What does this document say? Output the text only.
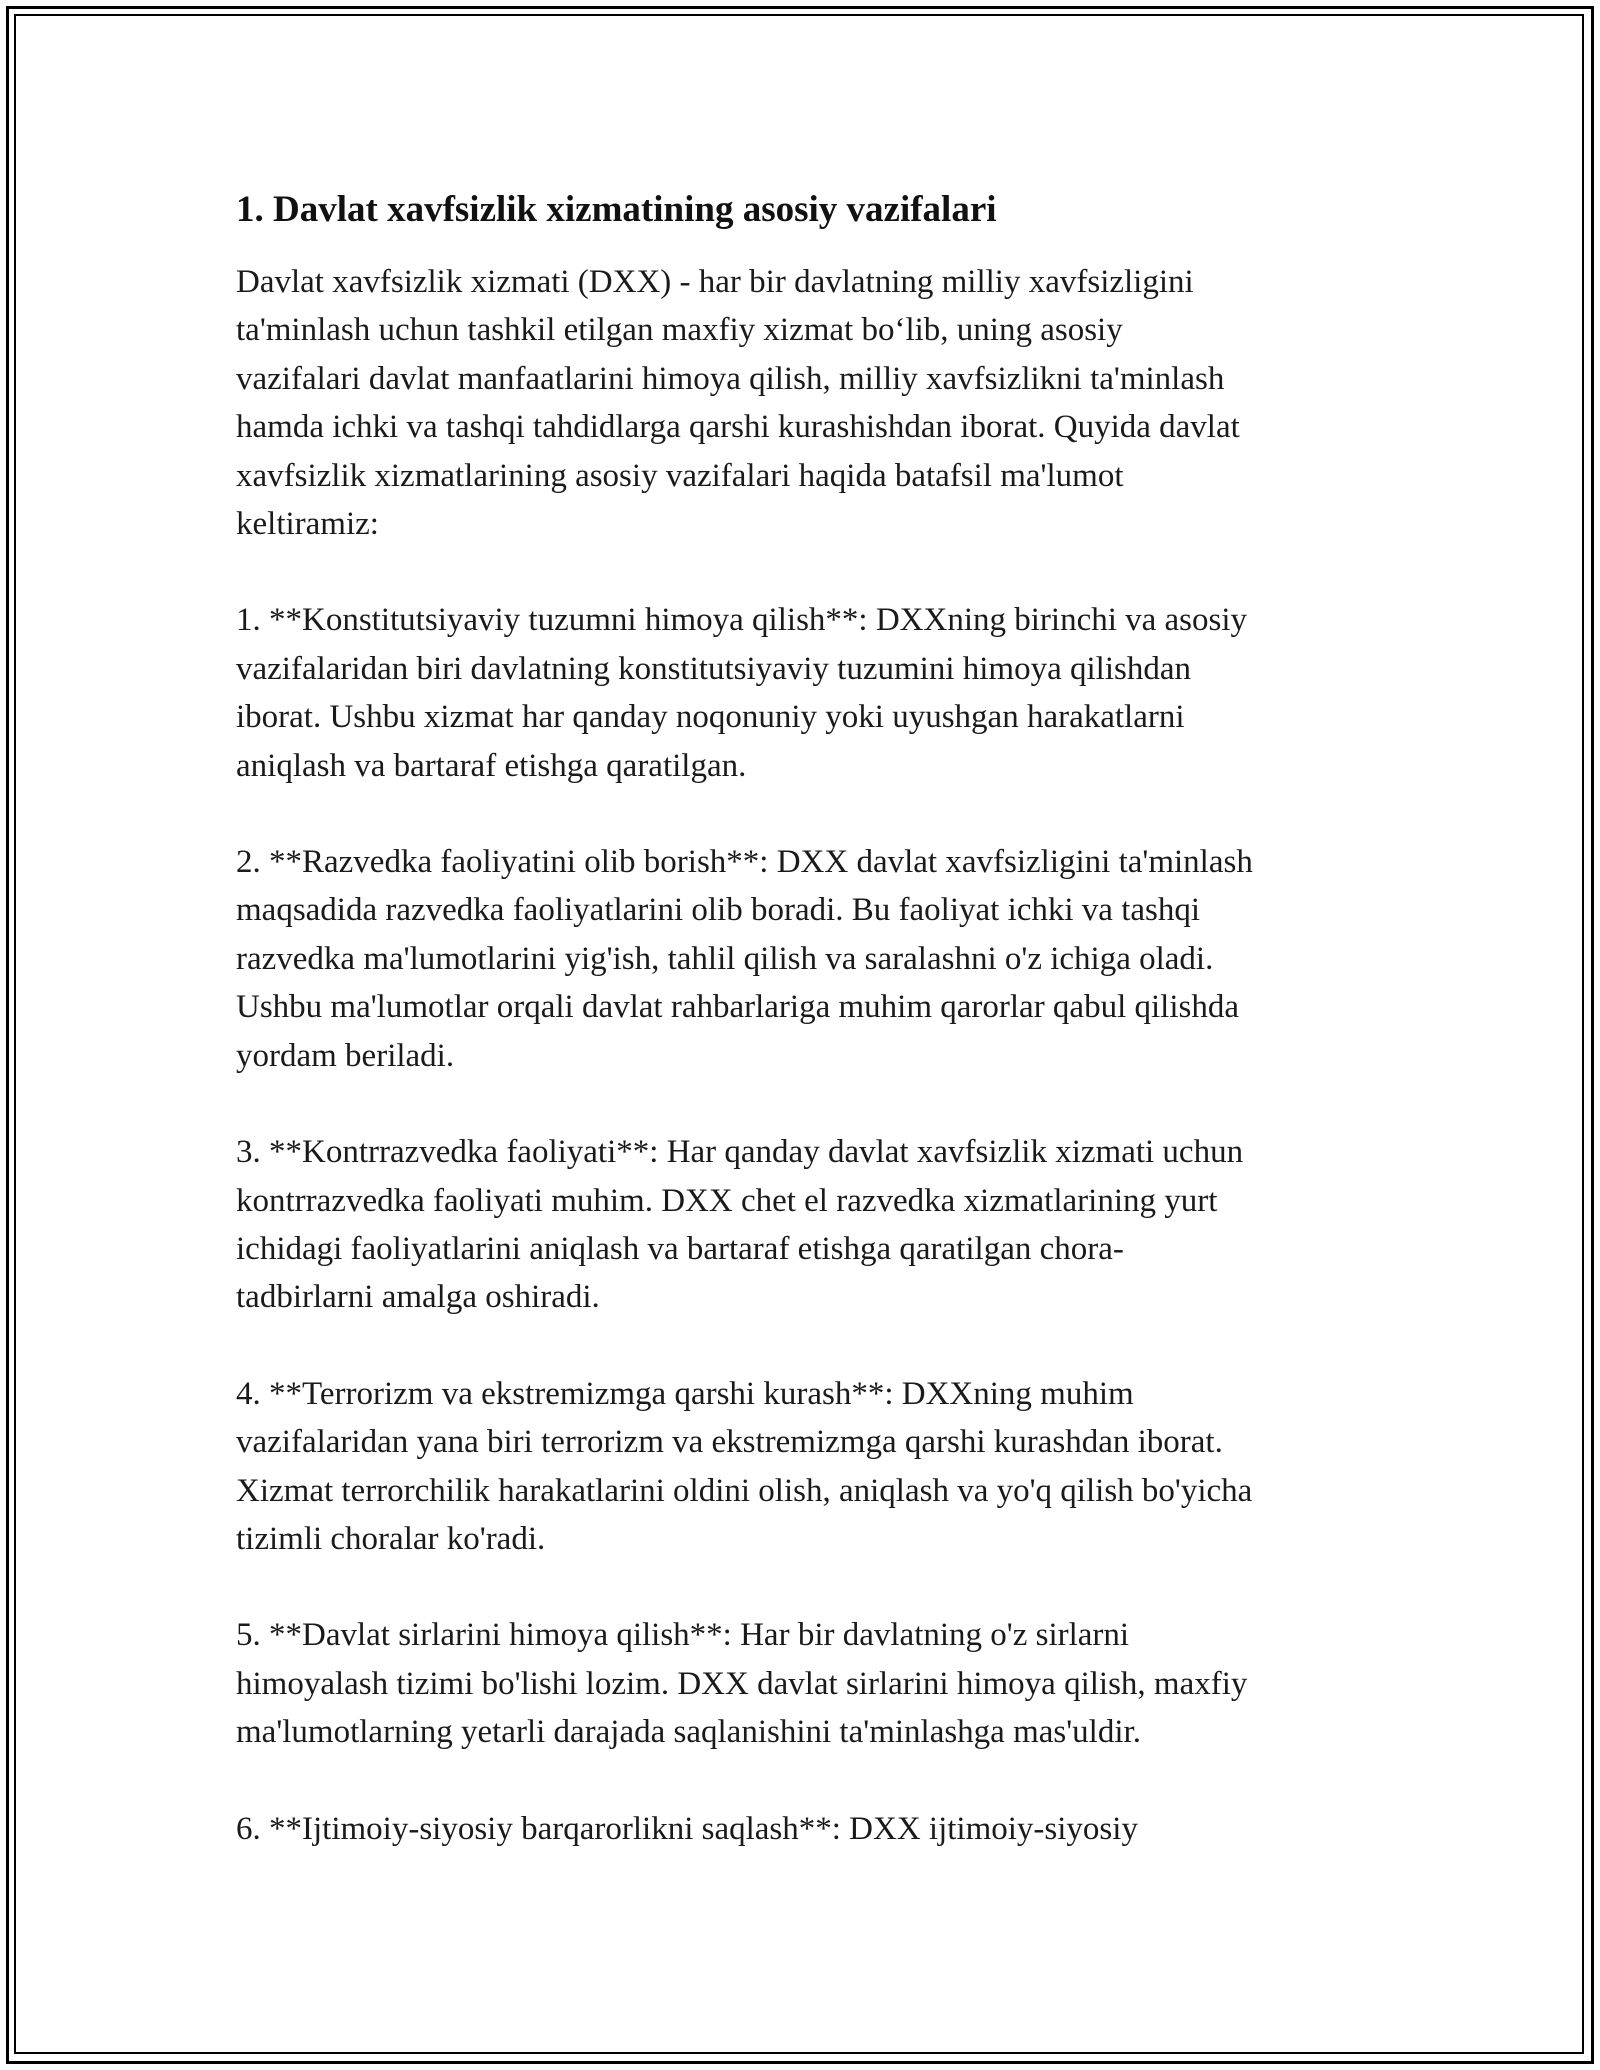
1. Davlat xavfsizlik xizmatining asosiy vazifalari

Davlat xavfsizlik xizmati (DXX) - har bir davlatning milliy xavfsizligini
ta'minlash uchun tashkil etilgan maxfiy xizmat bo‘lib, uning asosiy
vazifalari davlat manfaatlarini himoya qilish, milliy xavfsizlikni ta'minlash
hamda ichki va tashqi tahdidlarga qarshi kurashishdan iborat. Quyida davlat
xavfsizlik xizmatlarining asosiy vazifalari haqida batafsil ma'lumot
keltiramiz:

1. **Konstitutsiyaviy tuzumni himoya qilish**: DXXning birinchi va asosiy
vazifalaridan biri davlatning konstitutsiyaviy tuzumini himoya qilishdan
iborat. Ushbu xizmat har qanday noqonuniy yoki uyushgan harakatlarni
aniqlash va bartaraf etishga qaratilgan.

2. **Razvedka faoliyatini olib borish**: DXX davlat xavfsizligini ta'minlash
maqsadida razvedka faoliyatlarini olib boradi. Bu faoliyat ichki va tashqi
razvedka ma'lumotlarini yig'ish, tahlil qilish va saralashni o'z ichiga oladi.
Ushbu ma'lumotlar orqali davlat rahbarlariga muhim qarorlar qabul qilishda
yordam beriladi.

3. **Kontrrazvedka faoliyati**: Har qanday davlat xavfsizlik xizmati uchun
kontrrazvedka faoliyati muhim. DXX chet el razvedka xizmatlarining yurt
ichidagi faoliyatlarini aniqlash va bartaraf etishga qaratilgan chora-
tadbirlarni amalga oshiradi.

4. **Terrorizm va ekstremizmga qarshi kurash**: DXXning muhim
vazifalaridan yana biri terrorizm va ekstremizmga qarshi kurashdan iborat.
Xizmat terrorchilik harakatlarini oldini olish, aniqlash va yo'q qilish bo'yicha
tizimli choralar ko'radi.

5. **Davlat sirlarini himoya qilish**: Har bir davlatning o'z sirlarni
himoyalash tizimi bo'lishi lozim. DXX davlat sirlarini himoya qilish, maxfiy
ma'lumotlarning yetarli darajada saqlanishini ta'minlashga mas'uldir.

6. **Ijtimoiy-siyosiy barqarorlikni saqlash**: DXX ijtimoiy-siyosiy
